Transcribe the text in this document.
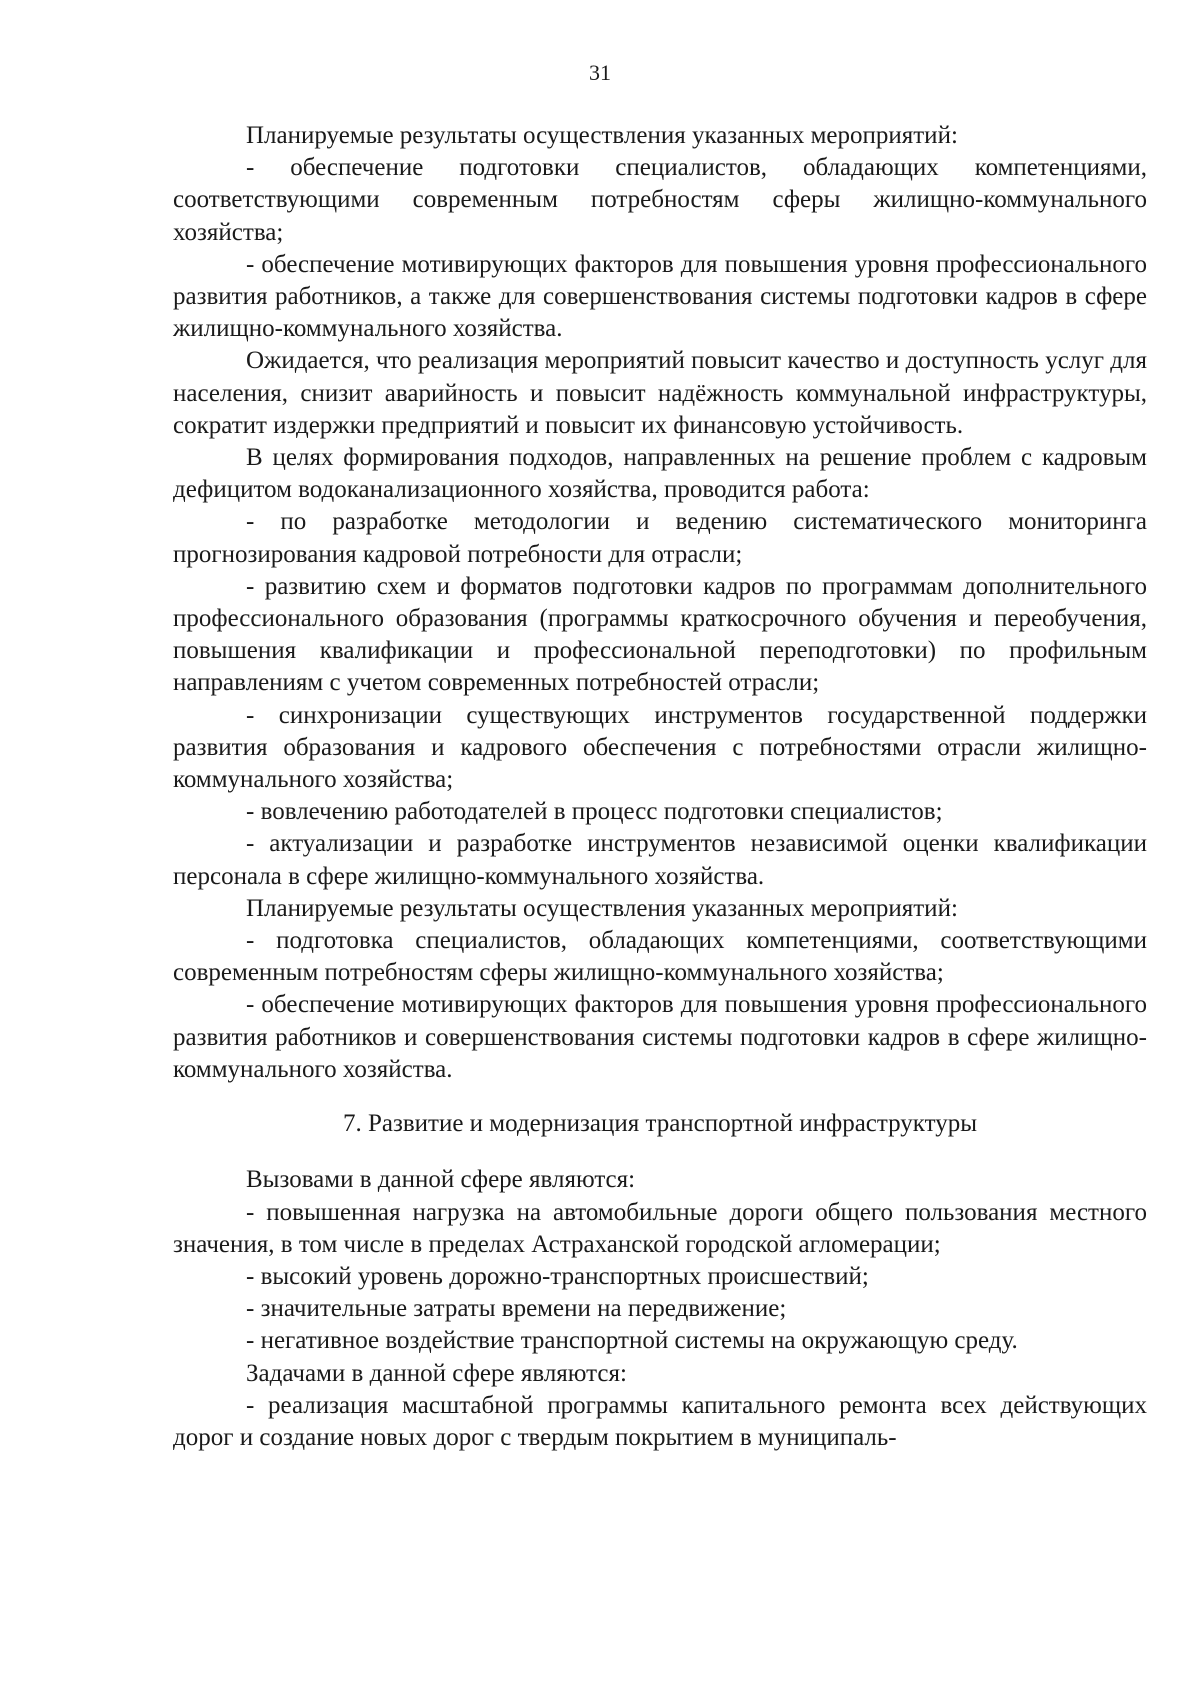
31

Планируемые результаты осуществления указанных мероприятий:

- обеспечение подготовки специалистов, обладающих компетенциями, соответствующими современным потребностям сферы жилищно-коммунального хозяйства;

- обеспечение мотивирующих факторов для повышения уровня профессионального развития работников, а также для совершенствования системы подготовки кадров в сфере жилищно-коммунального хозяйства.

Ожидается, что реализация мероприятий повысит качество и доступность услуг для населения, снизит аварийность и повысит надёжность коммунальной инфраструктуры, сократит издержки предприятий и повысит их финансовую устойчивость.

В целях формирования подходов, направленных на решение проблем с кадровым дефицитом водоканализационного хозяйства, проводится работа:

- по разработке методологии и ведению систематического мониторинга прогнозирования кадровой потребности для отрасли;

- развитию схем и форматов подготовки кадров по программам дополнительного профессионального образования (программы краткосрочного обучения и переобучения, повышения квалификации и профессиональной переподготовки) по профильным направлениям с учетом современных потребностей отрасли;

- синхронизации существующих инструментов государственной поддержки развития образования и кадрового обеспечения с потребностями отрасли жилищно-коммунального хозяйства;

- вовлечению работодателей в процесс подготовки специалистов;

- актуализации и разработке инструментов независимой оценки квалификации персонала в сфере жилищно-коммунального хозяйства.

Планируемые результаты осуществления указанных мероприятий:

- подготовка специалистов, обладающих компетенциями, соответствующими современным потребностям сферы жилищно-коммунального хозяйства;

- обеспечение мотивирующих факторов для повышения уровня профессионального развития работников и совершенствования системы подготовки кадров в сфере жилищно-коммунального хозяйства.

7. Развитие и модернизация транспортной инфраструктуры

Вызовами в данной сфере являются:

- повышенная нагрузка на автомобильные дороги общего пользования местного значения, в том числе в пределах Астраханской городской агломерации;

- высокий уровень дорожно-транспортных происшествий;

- значительные затраты времени на передвижение;

- негативное воздействие транспортной системы на окружающую среду.

Задачами в данной сфере являются:

- реализация масштабной программы капитального ремонта всех действующих дорог и создание новых дорог с твердым покрытием в муниципаль-
